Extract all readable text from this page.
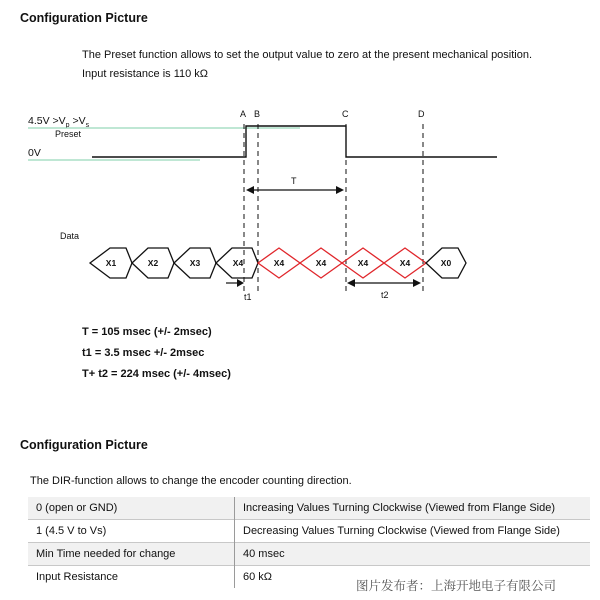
Configuration Picture
The Preset function allows to set the output value to zero at the present mechanical position.
Input resistance is 110 kΩ
$4.5V >V_p >V_s$
Preset
0V
A B	C	D
T
Data
X1	X2	X3	X4	X4	X4	X4	X4	X0
t1	t2
T = 105 msec (+/- 2msec)
t1 = 3.5 msec +/- 2msec
T+ t2 = 224 msec (+/- 4msec)
Configuration Picture
The DIR-function allows to change the encoder counting direction.
0 (open or GND)	Increasing Values Turning Clockwise (Viewed from Flange Side)
1 (4.5 V to Vs)	Decreasing Values Turning Clockwise (Viewed from Flange Side)
Min Time needed for change	40 msec
Input Resistance	60 kΩ
图片发布者：上海开地电子有限公司
